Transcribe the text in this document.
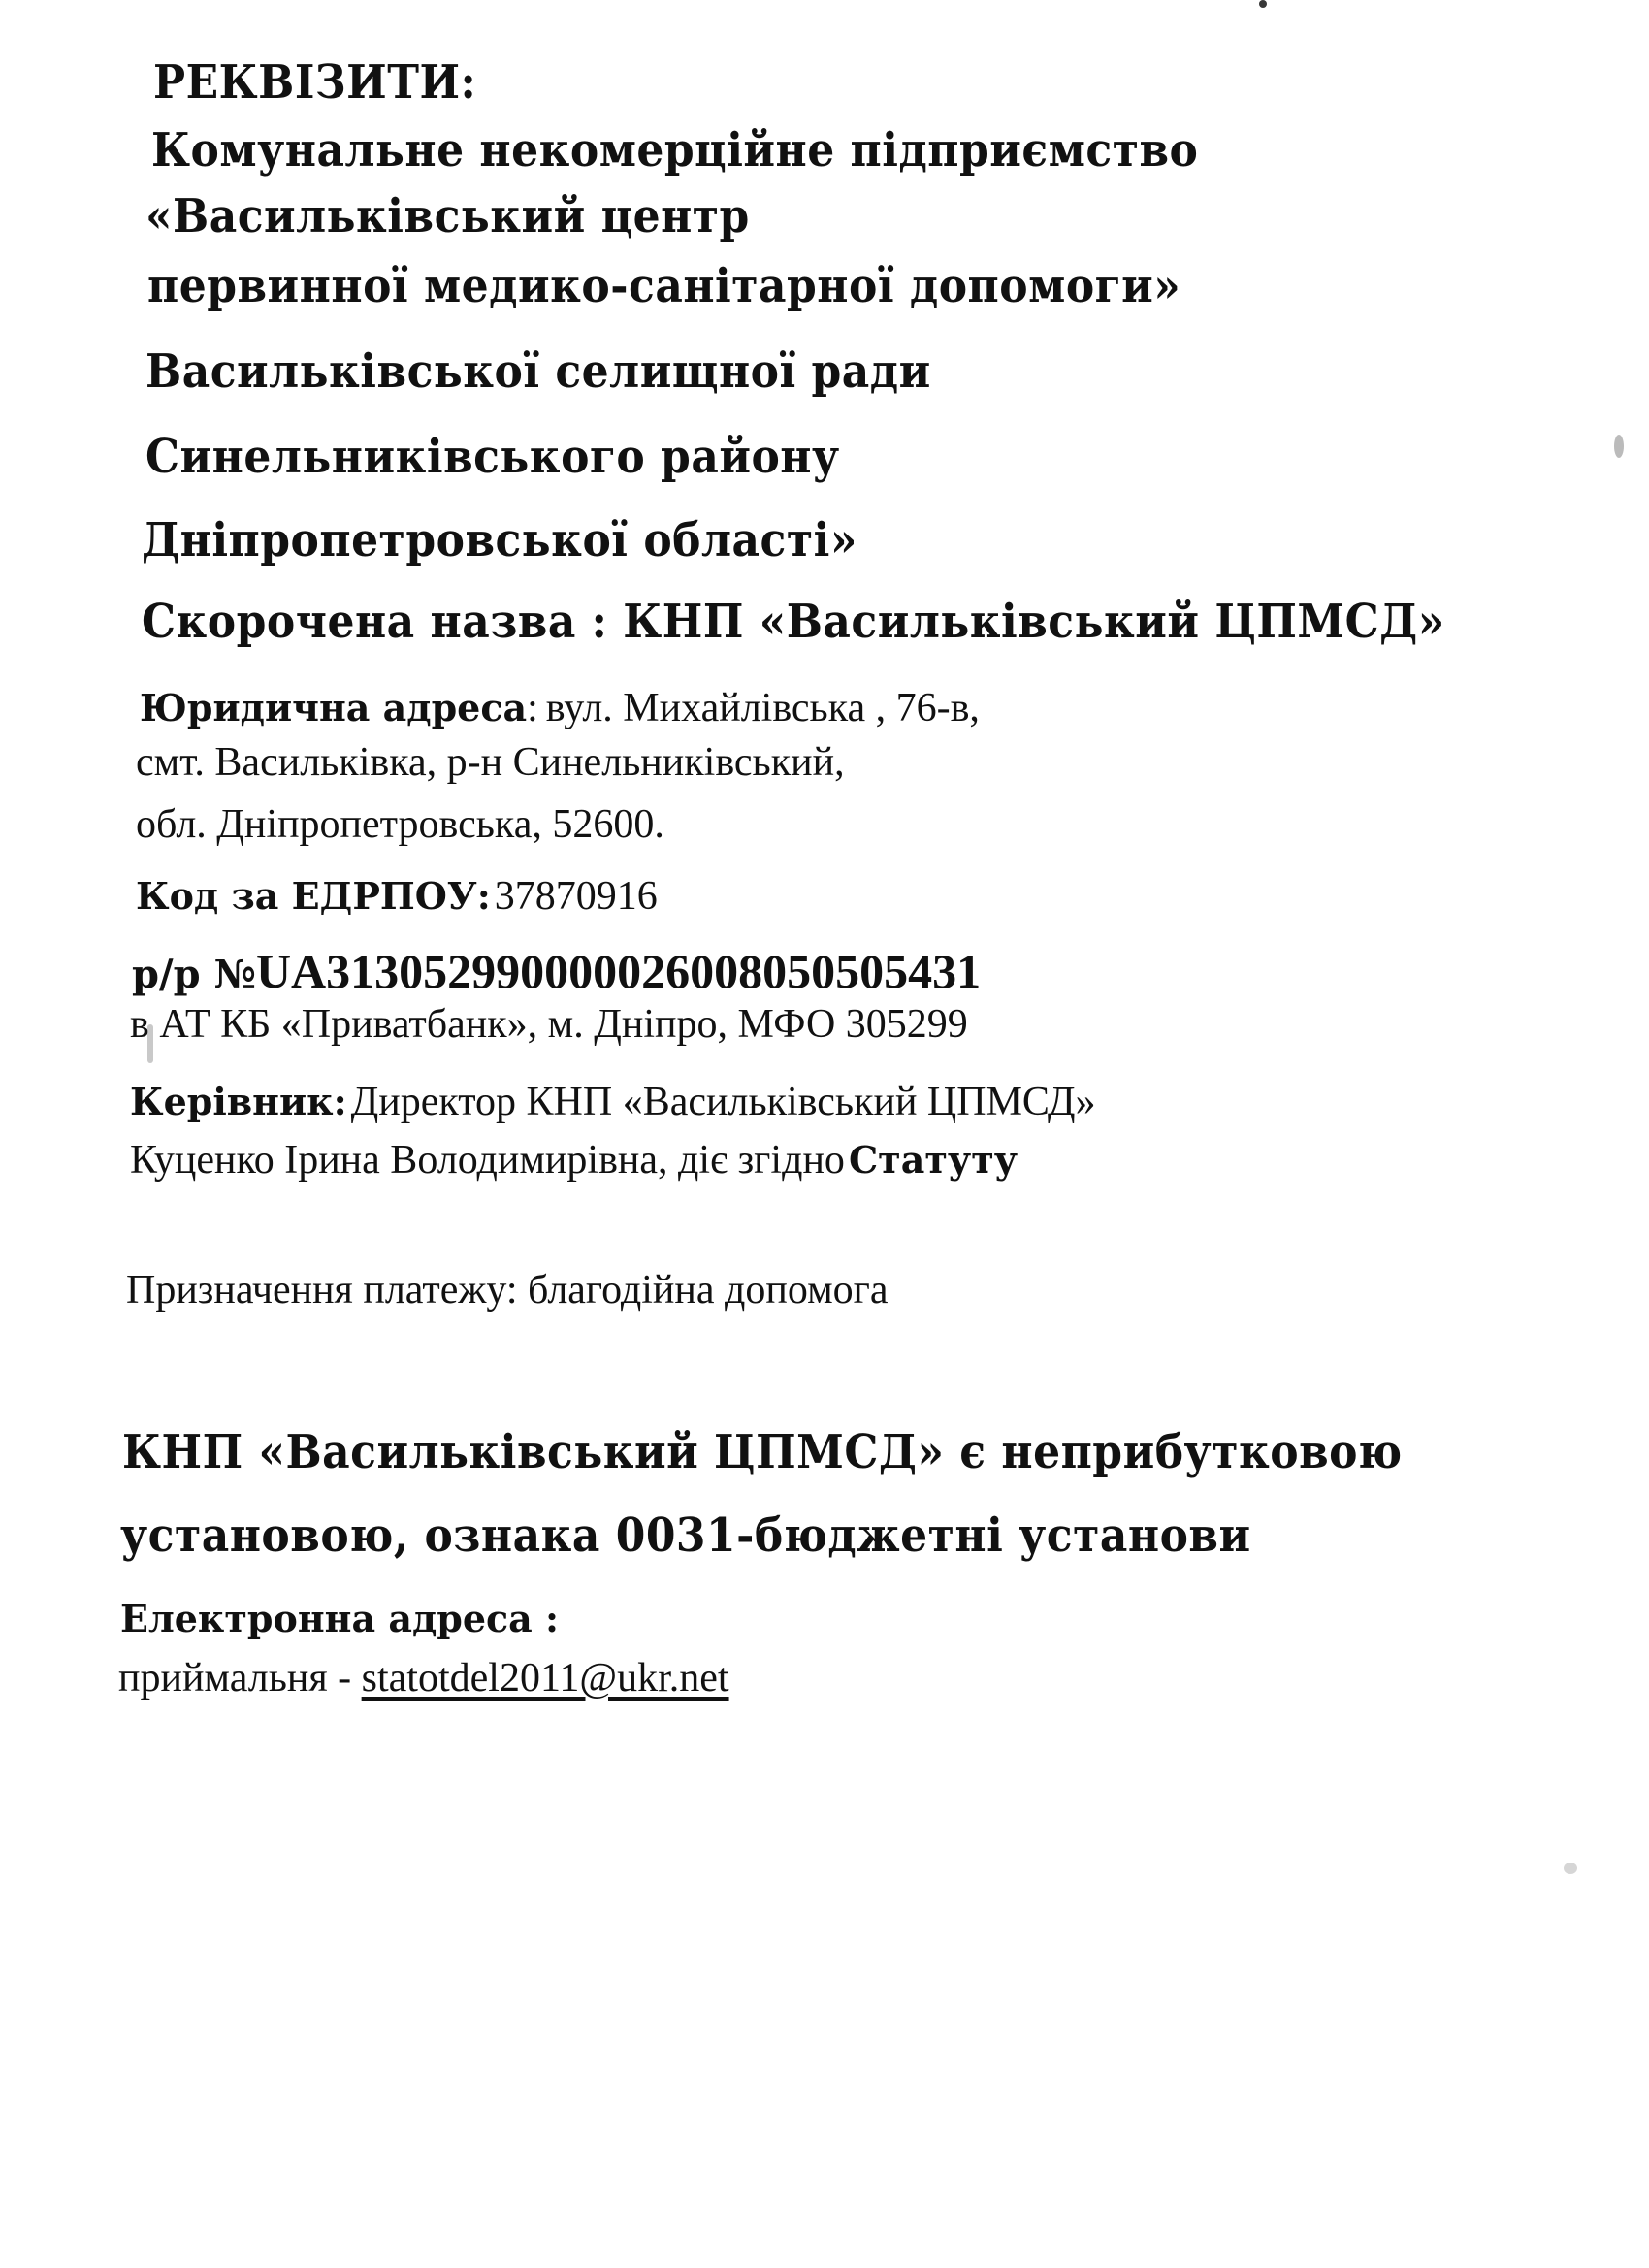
РЕКВІЗИТИ:
Комунальне некомерційне підприємство
«Васильківський центр
первинної медико-санітарної допомоги»
Васильківської селищної ради
Синельниківського району
Дніпропетровської області»
Скорочена назва : КНП «Васильківський ЦПМСД»
Юридична адреса: вул. Михайлівська , 76-в,
смт. Васильківка, р-н Синельниківський,
обл. Дніпропетровська, 52600.
Код за ЕДРПОУ: 37870916
р/р №UA313052990000026008050505431
в АТ КБ «Приватбанк», м. Дніпро, МФО 305299
Керівник: Директор КНП «Васильківський ЦПМСД»
Куценко Ірина Володимирівна, діє згідно Статуту
Призначення платежу: благодійна допомога
КНП «Васильківський ЦПМСД» є неприбутковою
установою, ознака 0031-бюджетні установи
Електронна адреса :
приймальня - statotdel2011@ukr.net
